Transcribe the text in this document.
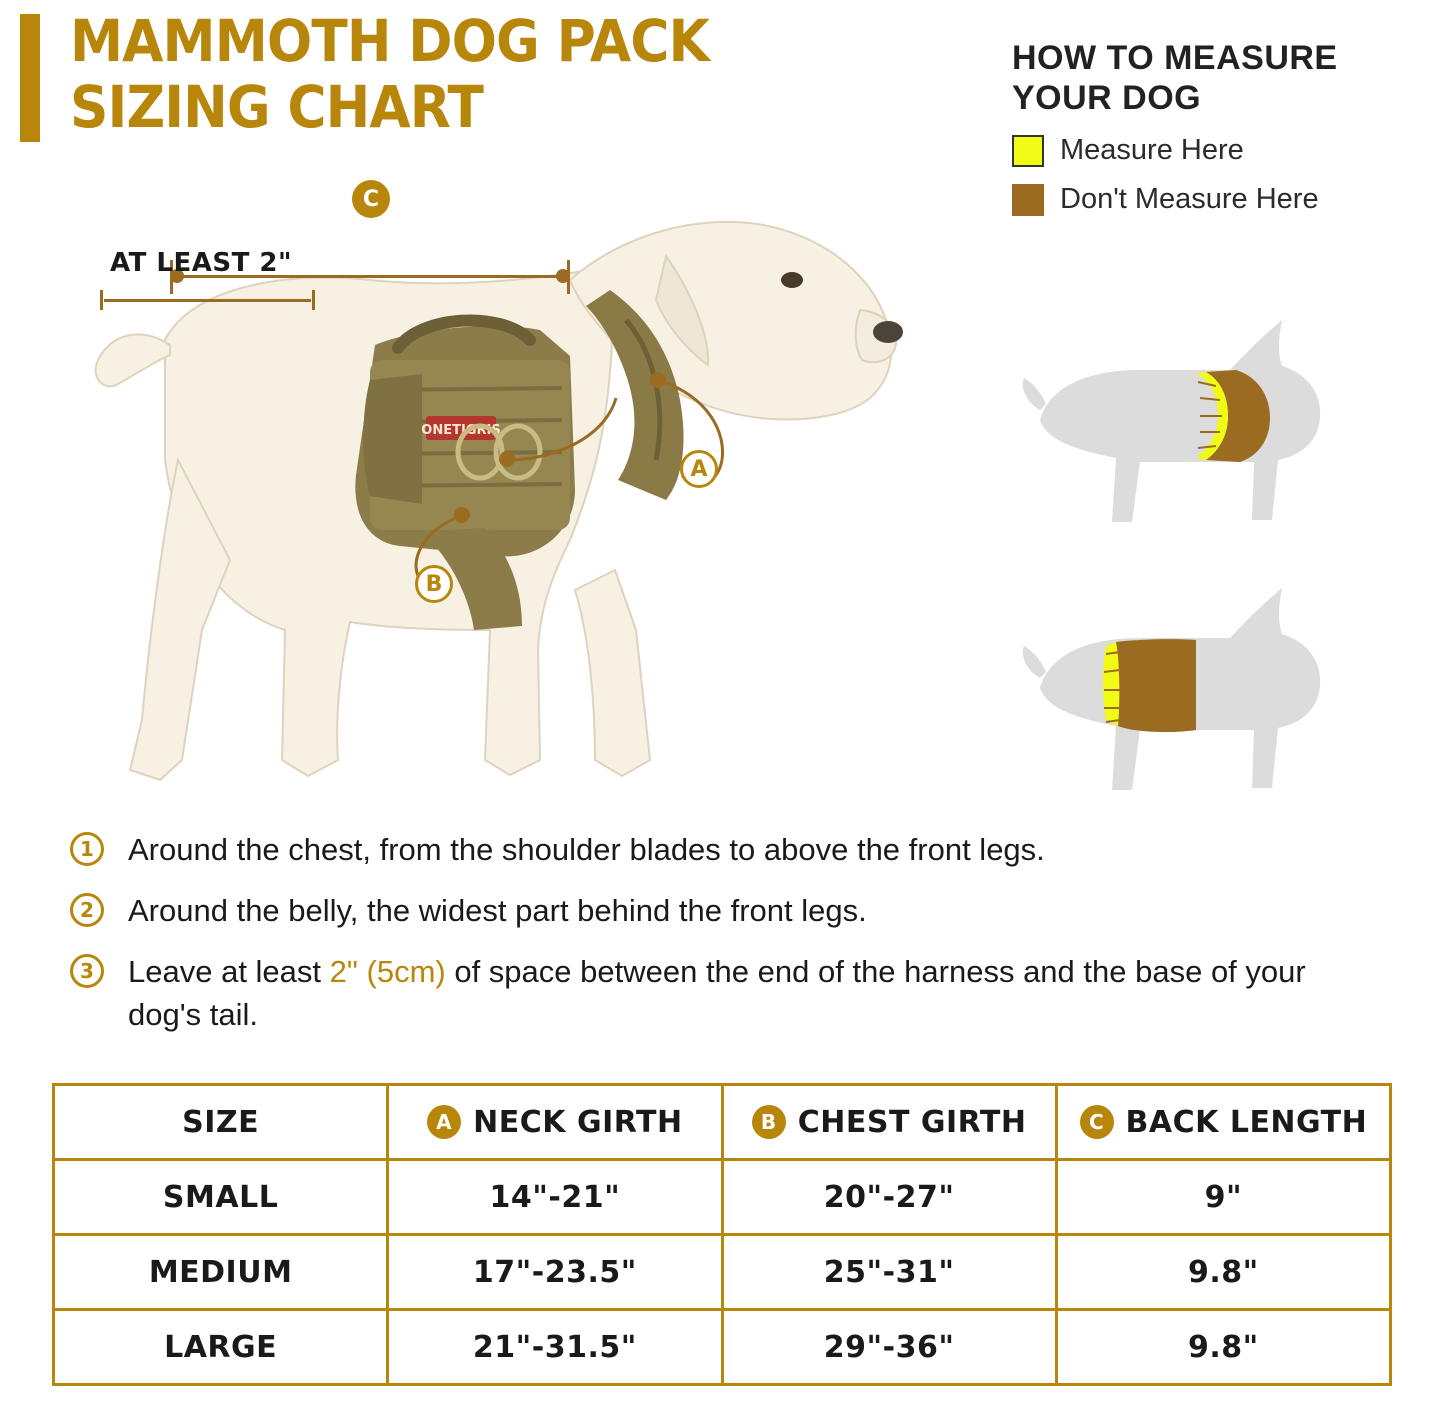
MAMMOTH DOG PACK
SIZING CHART
HOW TO MEASURE YOUR DOG
Measure Here
Don't Measure Here
ONETIGRIS
C
AT LEAST 2"
A
B
1	Around the chest, from the shoulder blades to above the front legs.
2	Around the belly, the widest part behind the front legs.
3	Leave at least 2" (5cm) of space between the end of the harness and the base of your dog's tail.
SIZE	A NECK GIRTH	B CHEST GIRTH	C BACK LENGTH

SMALL	14"-21"	20"-27"	9"
MEDIUM	17"-23.5"	25"-31"	9.8"
LARGE	21"-31.5"	29"-36"	9.8"
